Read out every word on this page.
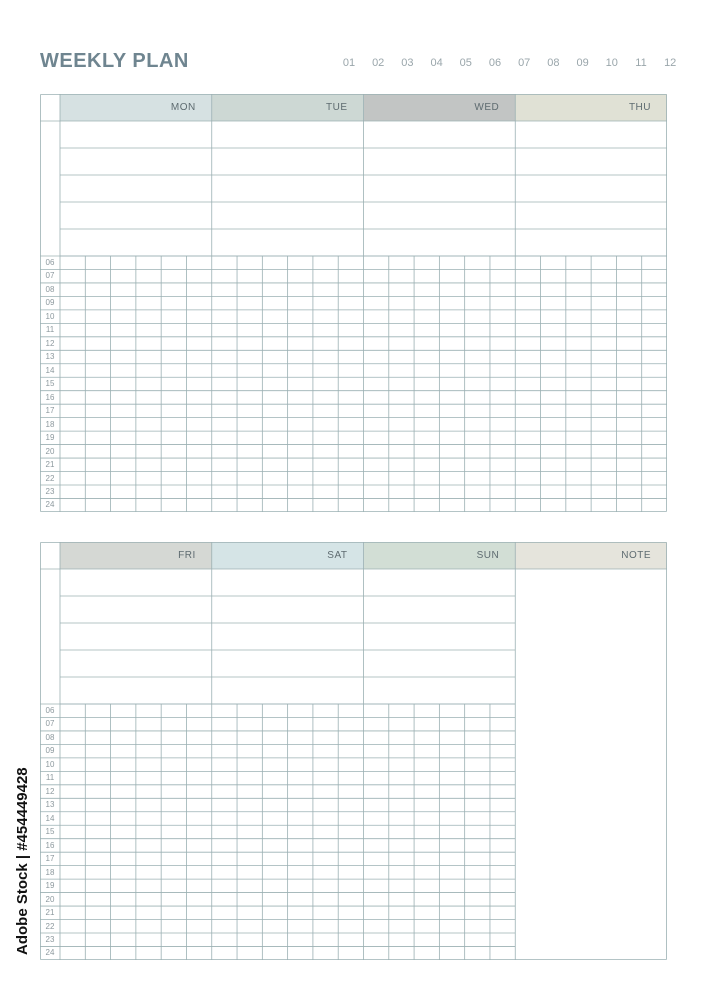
WEEKLY PLAN	01	02	03	04	05	06	07	08	09	10	11	12
MON	TUE	WED	THU
06
07
08
09
10
11
12
13
14
15
16
17
18
19
20
21
22
23
24
FRI	SAT	SUN	NOTE
06
07
08
09
10
11
12
13
14
15
16
17
18
19
20
21
22
23
24
Adobe Stock | #454449428
